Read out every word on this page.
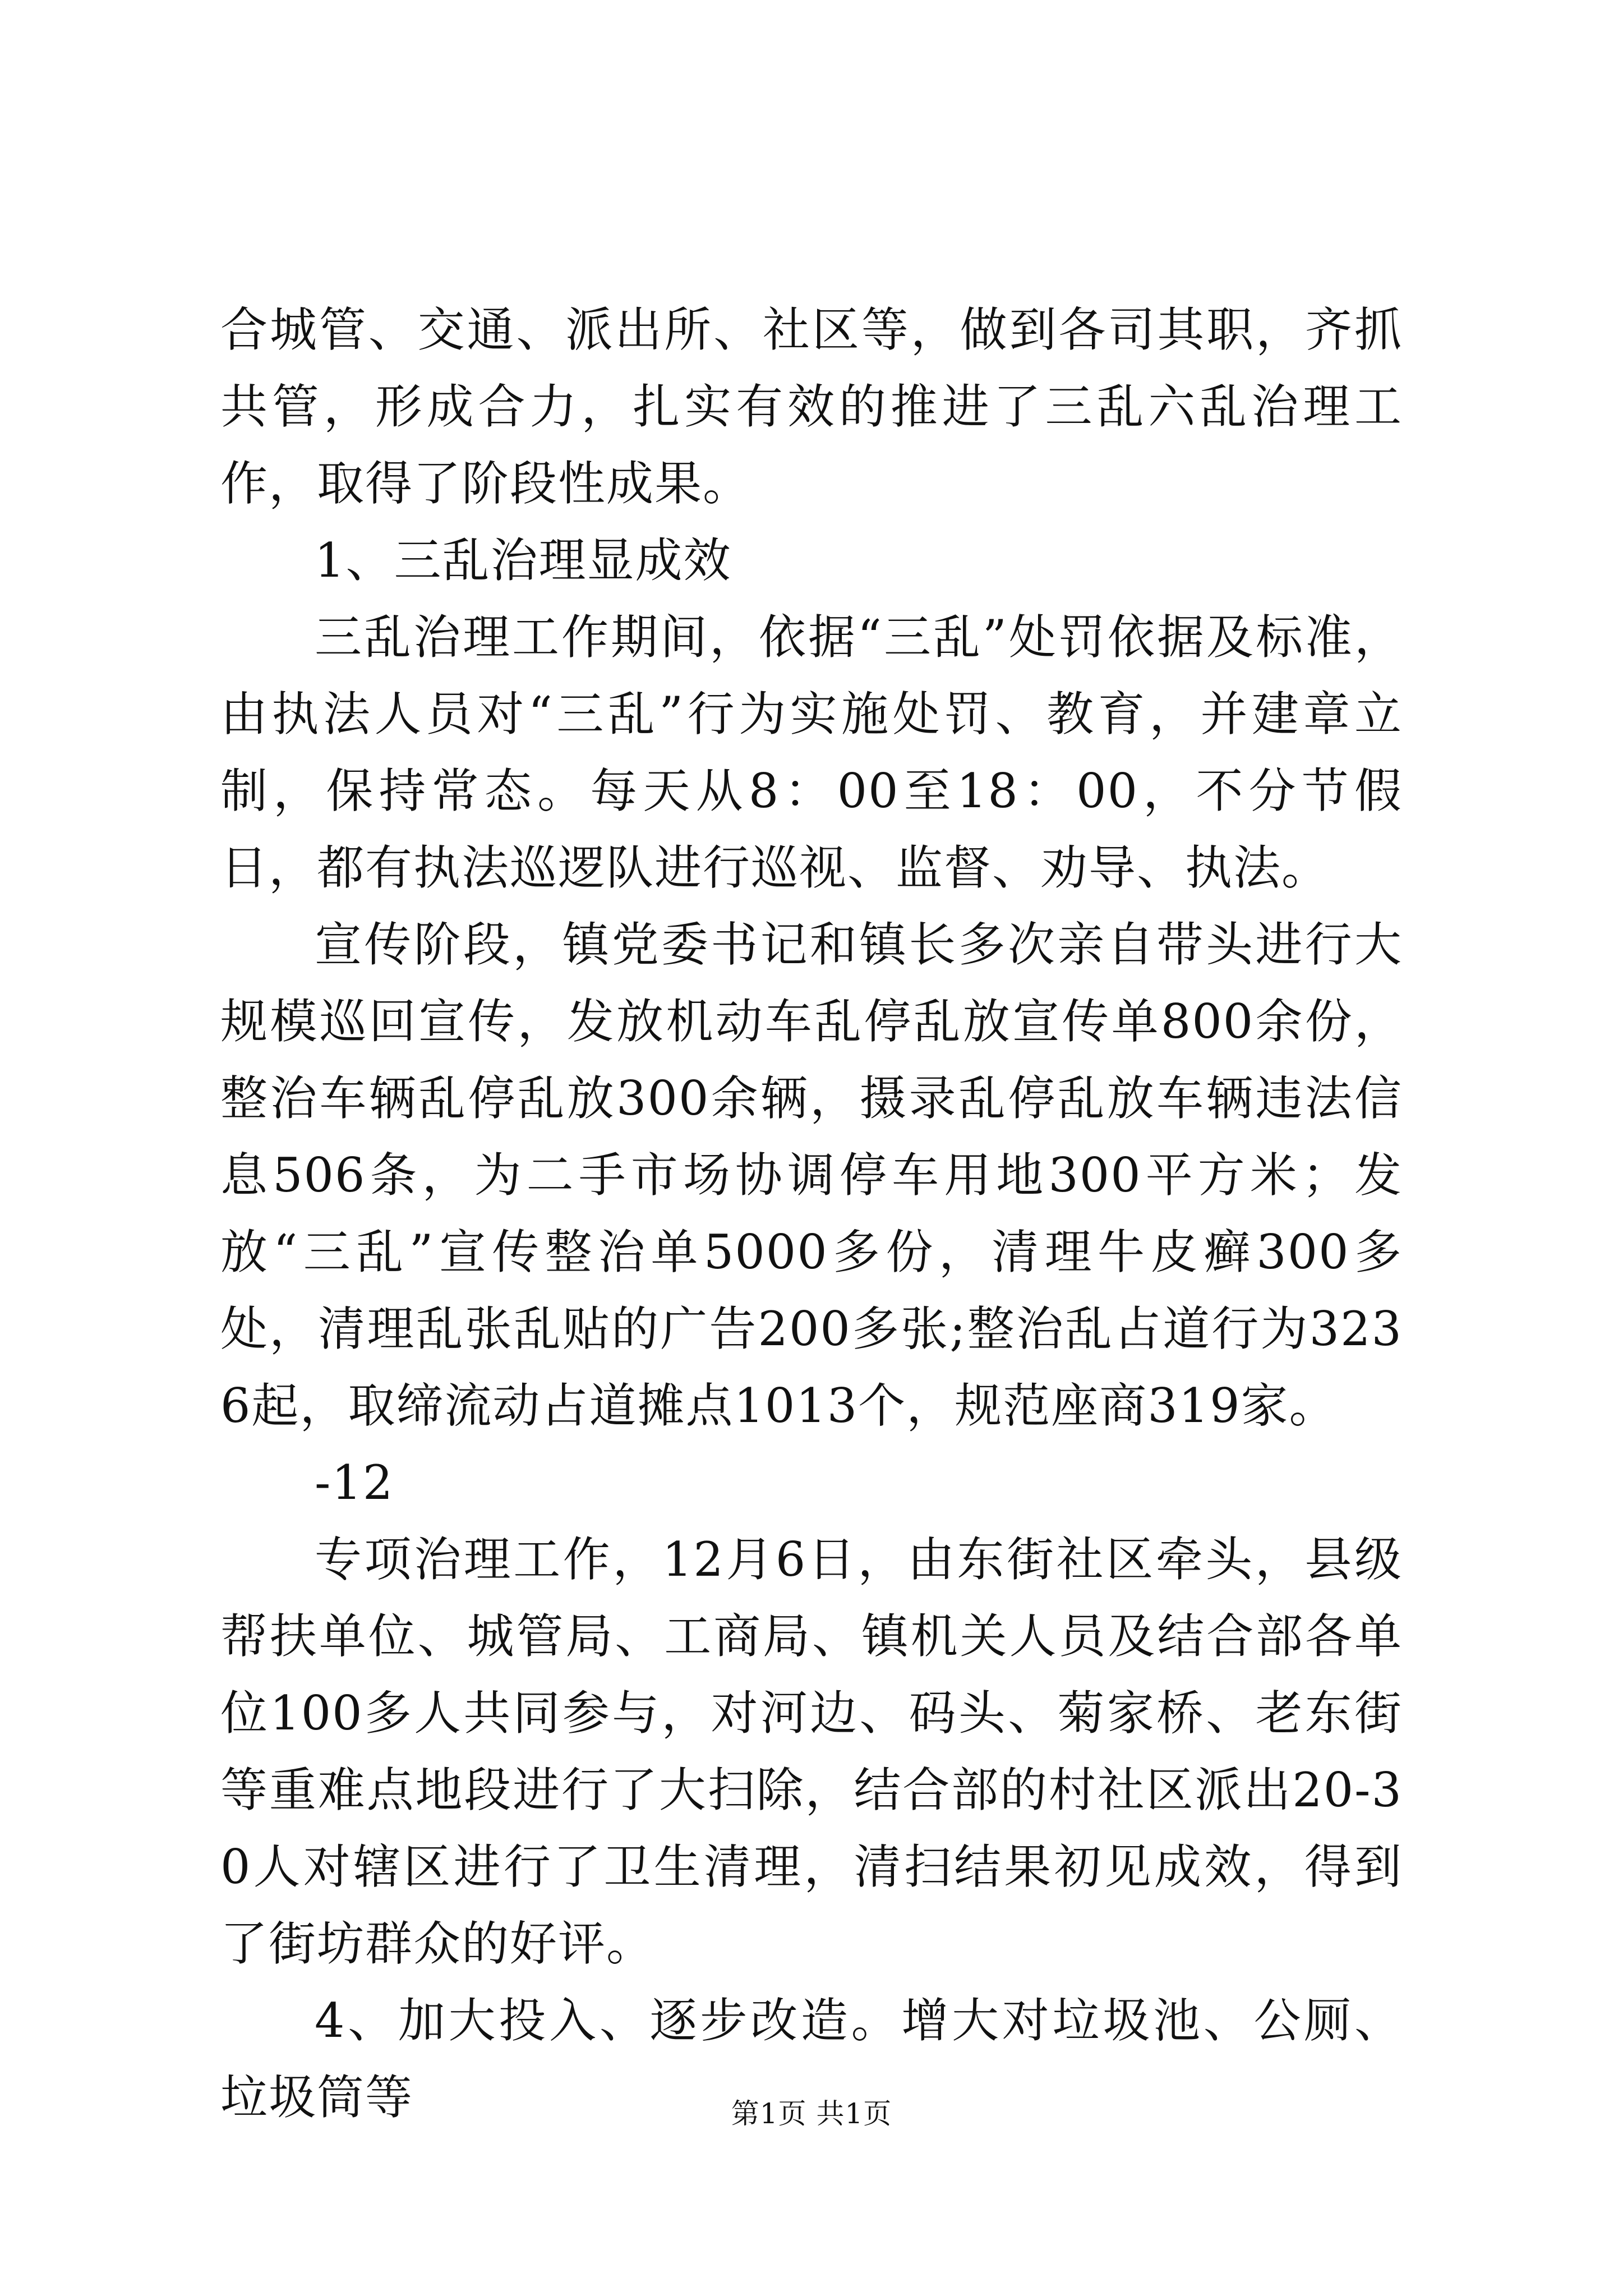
合城管、交通、派出所、社区等，做到各司其职，齐抓共管，形成合力，扎实有效的推进了三乱六乱治理工作，取得了阶段性成果。

1、三乱治理显成效

三乱治理工作期间，依据“三乱”处罚依据及标准，由执法人员对“三乱”行为实施处罚、教育，并建章立制，保持常态。每天从8：00至18：00，不分节假日，都有执法巡逻队进行巡视、监督、劝导、执法。

宣传阶段，镇党委书记和镇长多次亲自带头进行大规模巡回宣传，发放机动车乱停乱放宣传单800余份，整治车辆乱停乱放300余辆，摄录乱停乱放车辆违法信息506条，为二手市场协调停车用地300平方米；发放“三乱”宣传整治单5000多份，清理牛皮癣300多处，清理乱张乱贴的广告200多张;整治乱占道行为3236起，取缔流动占道摊点1013个，规范座商319家。

-12

专项治理工作，12月6日，由东街社区牵头，县级帮扶单位、城管局、工商局、镇机关人员及结合部各单位100多人共同参与，对河边、码头、菊家桥、老东街等重难点地段进行了大扫除，结合部的村社区派出20-30人对辖区进行了卫生清理，清扫结果初见成效，得到了街坊群众的好评。

4、加大投入、逐步改造。增大对垃圾池、公厕、垃圾筒等	第1页 共1页
